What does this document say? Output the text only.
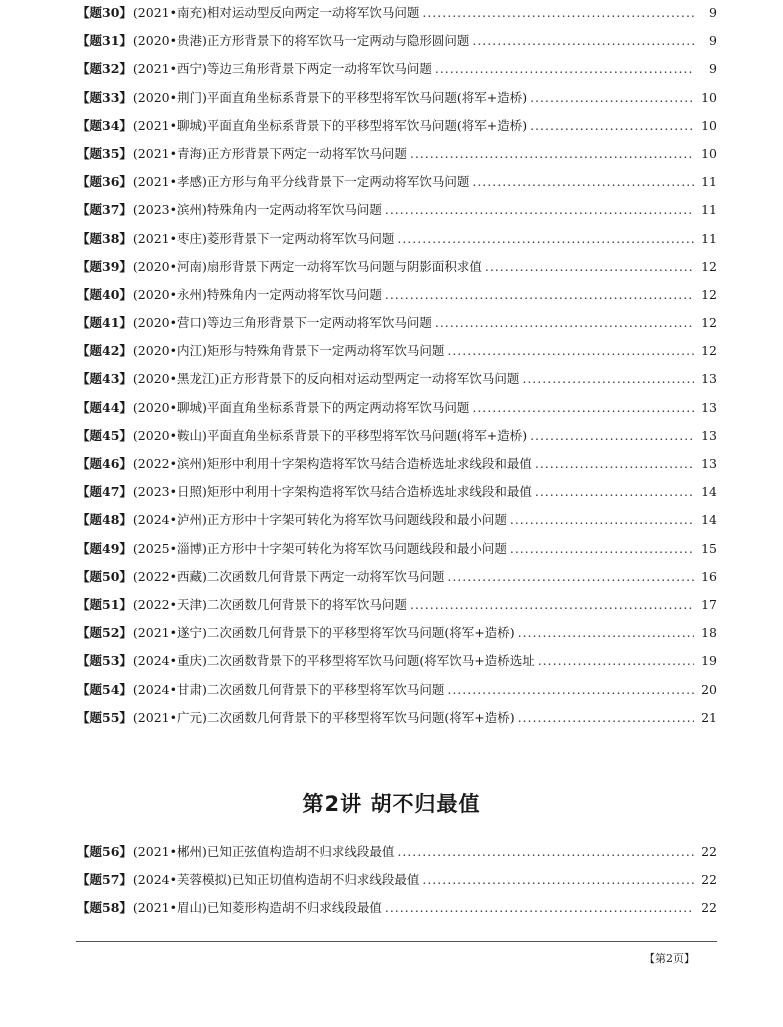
【题30】 (2021•南充)相对运动型反向两定一动将军饮马问题 .....	9
【题31】 (2020•贵港)正方形背景下的将军饮马一定两动与隐形圆问题 .....	9
【题32】 (2021•西宁)等边三角形背景下两定一动将军饮马问题 .....	9
【题33】 (2020•荆门)平面直角坐标系背景下的平移型将军饮马问题(将军+造桥) .....	10
【题34】 (2021•聊城)平面直角坐标系背景下的平移型将军饮马问题(将军+造桥) .....	10
【题35】 (2021•青海)正方形背景下两定一动将军饮马问题 .....	10
【题36】 (2021•孝感)正方形与角平分线背景下一定两动将军饮马问题 .....	11
【题37】 (2023•滨州)特殊角内一定两动将军饮马问题 .....	11
【题38】 (2021•枣庄)菱形背景下一定两动将军饮马问题 .....	11
【题39】 (2020•河南)扇形背景下两定一动将军饮马问题与阴影面积求值 .....	12
【题40】 (2020•永州)特殊角内一定两动将军饮马问题 .....	12
【题41】 (2020•营口)等边三角形背景下一定两动将军饮马问题 .....	12
【题42】 (2020•内江)矩形与特殊角背景下一定两动将军饮马问题 .....	12
【题43】 (2020•黑龙江)正方形背景下的反向相对运动型两定一动将军饮马问题 .....	13
【题44】 (2020•聊城)平面直角坐标系背景下的两定两动将军饮马问题 .....	13
【题45】 (2020•鞍山)平面直角坐标系背景下的平移型将军饮马问题(将军+造桥) .....	13
【题46】 (2022•滨州)矩形中利用十字架构造将军饮马结合造桥选址求线段和最值 .....	13
【题47】 (2023•日照)矩形中利用十字架构造将军饮马结合造桥选址求线段和最值 .....	14
【题48】 (2024•泸州)正方形中十字架可转化为将军饮马问题线段和最小问题 .....	14
【题49】 (2025•淄博)正方形中十字架可转化为将军饮马问题线段和最小问题 .....	15
【题50】 (2022•西藏)二次函数几何背景下两定一动将军饮马问题 .....	16
【题51】 (2022•天津)二次函数几何背景下的将军饮马问题 .....	17
【题52】 (2021•遂宁)二次函数几何背景下的平移型将军饮马问题(将军+造桥) .....	18
【题53】 (2024•重庆)二次函数背景下的平移型将军饮马问题(将军饮马+造桥选址 .....	19
【题54】 (2024•甘肃)二次函数几何背景下的平移型将军饮马问题 .....	20
【题55】 (2021•广元)二次函数几何背景下的平移型将军饮马问题(将军+造桥) .....	21
第2讲 胡不归最值
【题56】 (2021•郴州)已知正弦值构造胡不归求线段最值 .....	22
【题57】 (2024•芙蓉模拟)已知正切值构造胡不归求线段最值 .....	22
【题58】 (2021•眉山)已知菱形构造胡不归求线段最值 .....	22
【第2页】
